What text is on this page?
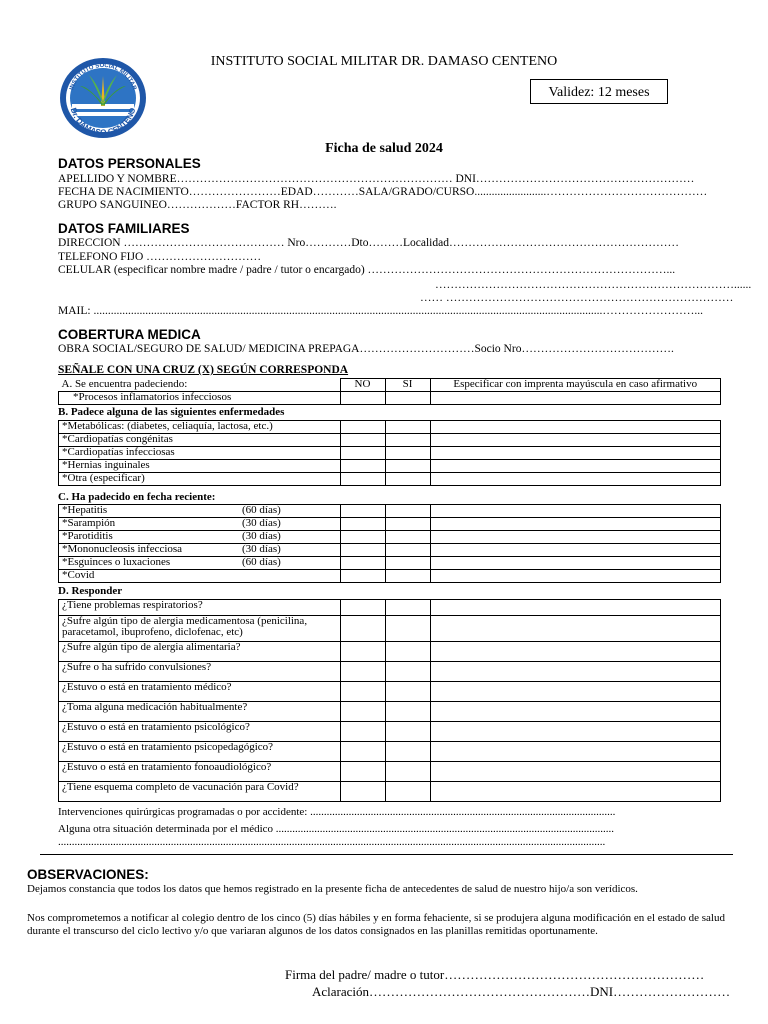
INSTITUTO SOCIAL MILITAR
Dr. DAMASO CENTENO
INSTITUTO SOCIAL MILITAR DR. DAMASO CENTENO
Validez: 12 meses
Ficha de salud 2024
DATOS PERSONALES
APELLIDO Y NOMBRE……………………………………………………………… DNI…………………………………………………
FECHA DE NACIMIENTO……………………EDAD…………SALA/GRADO/CURSO.........................……………………………………
GRUPO SANGUINEO………………FACTOR RH……….
DATOS FAMILIARES
DIRECCION …………………………………… Nro…………Dto………Localidad……………………………………………………
TELEFONO FIJO …………………………
CELULAR (especificar nombre madre / padre / tutor o encargado) ……………………………………………………………………...
……………………………………………………………………......
…… …………………………………………………………………
MAIL: .................................................................................................................................................................................……………………...
COBERTURA MEDICA
OBRA SOCIAL/SEGURO DE SALUD/ MEDICINA PREPAGA…………………………Socio Nro………………………………….
SEÑALE CON UNA CRUZ (X) SEGÚN CORRESPONDA
A. Se encuentra padeciendo:	NO	SI	Especificar con imprenta mayúscula en caso afirmativo
*Procesos inflamatorios infecciosos			
B. Padece alguna de las siguientes enfermedades
*Metabólicas: (diabetes, celiaquía, lactosa, etc.)			
*Cardiopatías congénitas			
*Cardiopatías infecciosas			
*Hernias inguinales			
*Otra (especificar)			
C. Ha padecido en fecha reciente:
*Hepatitis (60 días)			
*Sarampión (30 días)			
*Parotiditis (30 días)			
*Mononucleosis infecciosa (30 días)			
*Esguinces o luxaciones (60 días)			
*Covid			
D. Responder
¿Tiene problemas respiratorios?			
¿Sufre algún tipo de alergia medicamentosa (penicilina, paracetamol, ibuprofeno, diclofenac, etc)			
¿Sufre algún tipo de alergia alimentaria?			
¿Sufre o ha sufrido convulsiones?			
¿Estuvo o está en tratamiento médico?			
¿Toma alguna medicación habitualmente?			
¿Estuvo o está en tratamiento psicológico?			
¿Estuvo o está en tratamiento psicopedagógico?			
¿Estuvo o está en tratamiento fonoaudiológico?			
¿Tiene esquema completo de vacunación para Covid?			
Intervenciones quirúrgicas programadas o por accidente: ...............................................................................................................
Alguna otra situación determinada por el médico ...........................................................................................................................
.......................................................................................................................................................................................................
OBSERVACIONES:
Dejamos constancia que todos los datos que hemos registrado en la presente ficha de antecedentes de salud de nuestro hijo/a son verídicos.
Nos comprometemos a notificar al colegio dentro de los cinco (5) días hábiles y en forma fehaciente, si se produjera alguna modificación en el estado de salud durante el transcurso del ciclo lectivo y/o que variaran algunos de los datos consignados en las planillas remitidas oportunamente.
Firma del padre/ madre o tutor……………………………………………………
Aclaración……………………………………………DNI………………………
